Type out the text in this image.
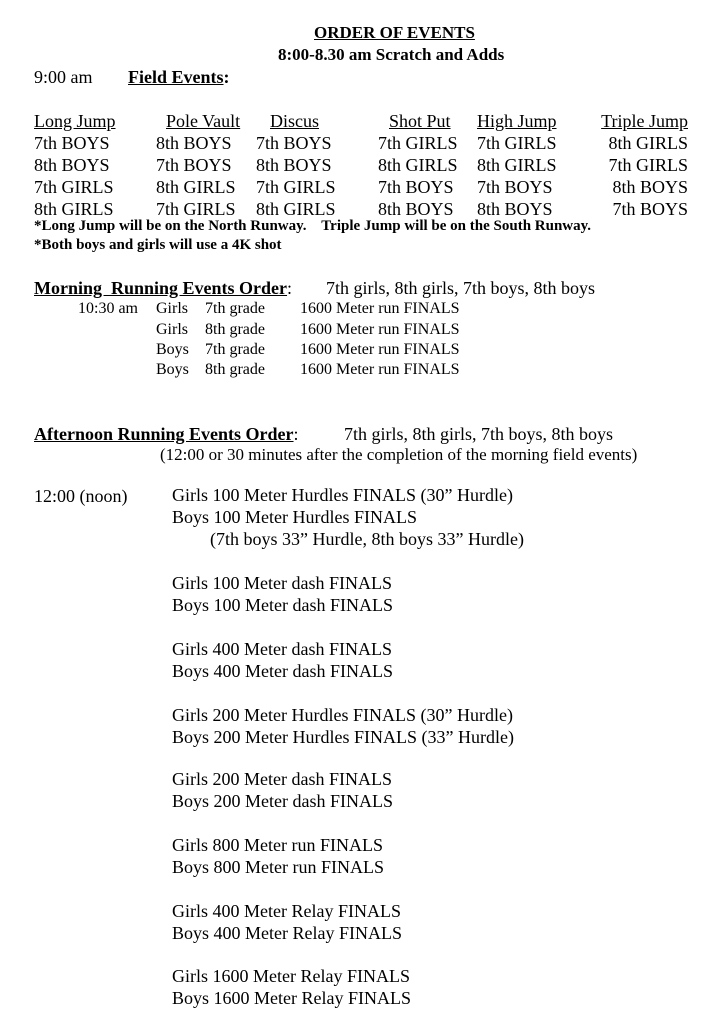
ORDER OF EVENTS
8:00-8.30 am Scratch and Adds
9:00 am Field Events:
Long Jump
7th BOYS
8th BOYS
7th GIRLS
8th GIRLS
Pole Vault
8th BOYS
7th BOYS
8th GIRLS
7th GIRLS
Discus
7th BOYS
8th BOYS
7th GIRLS
8th GIRLS
Shot Put
7th GIRLS
8th GIRLS
7th BOYS
8th BOYS
High Jump
7th GIRLS
8th GIRLS
7th BOYS
8th BOYS
Triple Jump
8th GIRLS
7th GIRLS
8th BOYS
7th BOYS
*Long Jump will be on the North Runway.    Triple Jump will be on the South Runway.
*Both boys and girls will use a 4K shot
Morning  Running Events Order: 7th girls, 8th girls, 7th boys, 8th boys
10:30 am Girls 7th grade 1600 Meter run FINALS
Girls 8th grade 1600 Meter run FINALS
Boys 7th grade 1600 Meter run FINALS
Boys 8th grade 1600 Meter run FINALS
Afternoon Running Events Order:	7th girls, 8th girls, 7th boys, 8th boys
(12:00 or 30 minutes after the completion of the morning field events)
12:00 (noon) Girls 100 Meter Hurdles FINALS (30” Hurdle)
Boys 100 Meter Hurdles FINALS
(7th boys 33” Hurdle, 8th boys 33” Hurdle)
Girls 100 Meter dash FINALS
Boys 100 Meter dash FINALS
Girls 400 Meter dash FINALS
Boys 400 Meter dash FINALS
Girls 200 Meter Hurdles FINALS (30” Hurdle)
Boys 200 Meter Hurdles FINALS (33” Hurdle)
Girls 200 Meter dash FINALS
Boys 200 Meter dash FINALS
Girls 800 Meter run FINALS
Boys 800 Meter run FINALS
Girls 400 Meter Relay FINALS
Boys 400 Meter Relay FINALS
Girls 1600 Meter Relay FINALS
Boys 1600 Meter Relay FINALS
